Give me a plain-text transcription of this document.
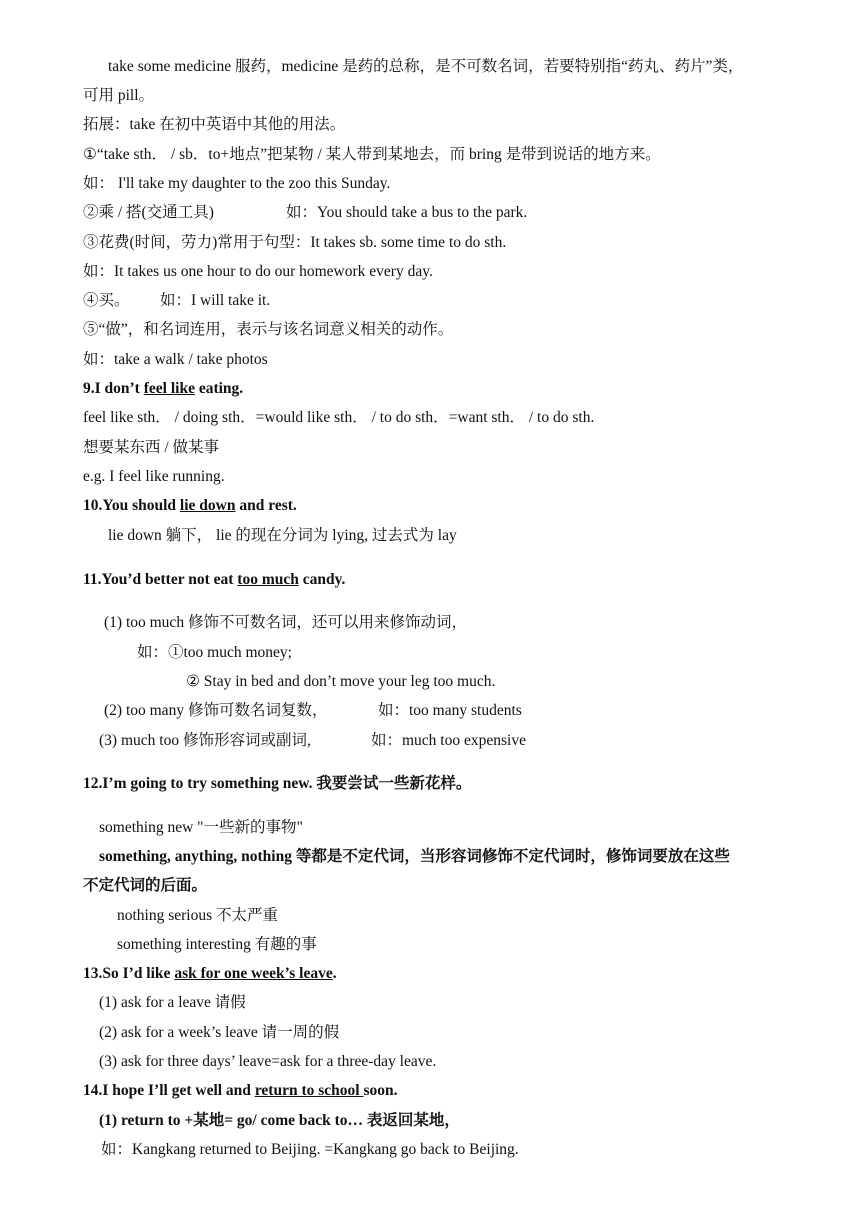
take some medicine 服药，medicine 是药的总称，是不可数名词，若要特别指“药丸、药片”类，
可用 pill。
拓展：take 在初中英语中其他的用法。
①“take sth． / sb．to+地点”把某物 / 某人带到某地去，而 bring 是带到说话的地方来。
如： I'll take my daughter to the zoo this Sunday.
②乘 / 搭(交通工具)	如：You should take a bus to the park.
③花费(时间，劳力)常用于句型：It takes sb. some time to do sth.
如：It takes us one hour to do our homework every day.
④买。 如：I will take it.
⑤“做”，和名词连用，表示与该名词意义相关的动作。
如：take a walk / take photos
9.I don’t feel like eating.
feel like sth． / doing sth．=would like sth． / to do sth．=want sth． / to do sth.
想要某东西 / 做某事
e.g. I feel like running.
10.You should lie down and rest.
lie down 躺下， lie 的现在分词为 lying, 过去式为 lay
11.You’d better not eat too much candy.
(1) too much 修饰不可数名词，还可以用来修饰动词，
如：①too much money;
② Stay in bed and don’t move your leg too much.
(2) too many 修饰可数名词复数，	如：too many students
(3) much too 修饰形容词或副词,	如：much too expensive
12.I’m going to try something new. 我要尝试一些新花样。
something new "一些新的事物"
something, anything, nothing 等都是不定代词，当形容词修饰不定代词时，修饰词要放在这些
不定代词的后面。
nothing serious 不太严重
something interesting 有趣的事
13.So I’d like ask for one week’s leave.
(1) ask for a leave 请假
(2) ask for a week’s leave 请一周的假
(3) ask for three days’ leave=ask for a three-day leave.
14.I hope I’ll get well and return to school soon.
(1) return to +某地= go/ come back to… 表返回某地，
如：Kangkang returned to Beijing. =Kangkang go back to Beijing.
